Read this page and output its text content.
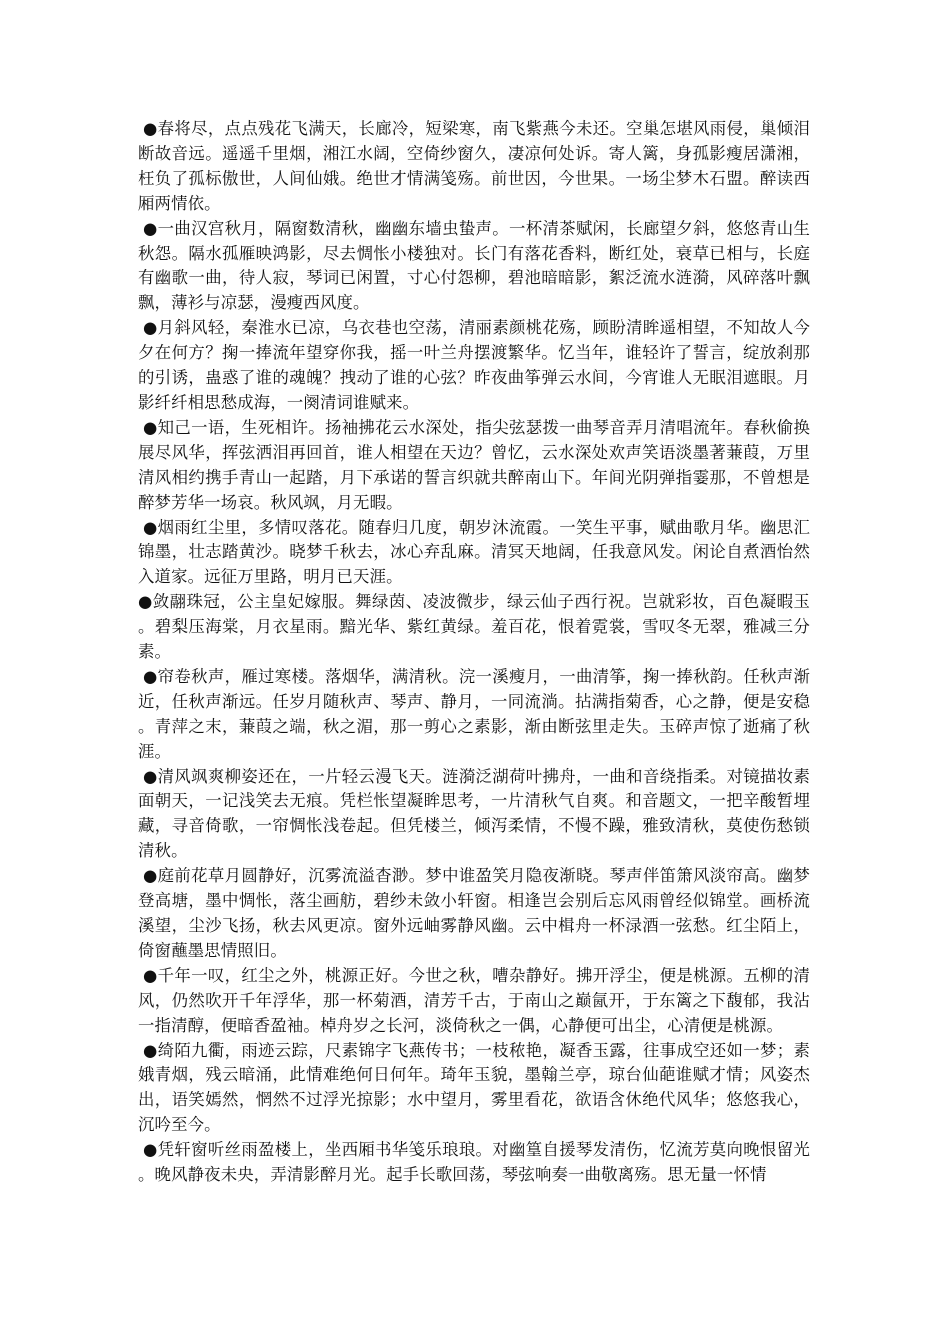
●春将尽，点点残花飞满天，长廊冷，短梁寒，南飞紫燕今未还。空巢怎堪风雨侵，巢倾泪断故音远。遥遥千里烟，湘江水阔，空倚纱窗久，凄凉何处诉。寄人篱，身孤影瘦居潇湘，枉负了孤标傲世，人间仙娥。绝世才情满笺殇。前世因，今世果。一场尘梦木石盟。醉读西厢两情依。

●一曲汉宫秋月，隔窗数清秋，幽幽东墙虫蛰声。一杯清茶赋闲，长廊望夕斜，悠悠青山生秋怨。隔水孤雁映鸿影，尽去惆怅小楼独对。长门有落花香料，断红处，衰草已相与，长庭有幽歌一曲，待人寂，琴词已闲置，寸心付怨柳，碧池暗暗影，絮泛流水涟漪，风碎落叶飘飘，薄衫与凉瑟，漫瘦西风度。

●月斜风轻，秦淮水已凉，乌衣巷也空荡，清丽素颜桃花殇，顾盼清眸遥相望，不知故人今夕在何方？掬一捧流年望穿你我，摇一叶兰舟摆渡繁华。忆当年，谁轻许了誓言，绽放刹那的引诱，蛊惑了谁的魂魄？拽动了谁的心弦？昨夜曲筝弹云水间，今宵谁人无眠泪遮眼。月影纤纤相思愁成海，一阕清词谁赋来。

●知己一语，生死相许。扬袖拂花云水深处，指尖弦瑟拨一曲琴音弄月清唱流年。春秋偷换展尽风华，挥弦洒泪再回首，谁人相望在天边？曾忆，云水深处欢声笑语淡墨著蒹葭，万里清风相约携手青山一起踏，月下承诺的誓言织就共醉南山下。年间光阴弹指霎那，不曾想是醉梦芳华一场哀。秋风飒，月无暇。

●烟雨红尘里，多情叹落花。随春归几度，朝岁沐流霞。一笑生平事，赋曲歌月华。幽思汇锦墨，壮志踏黄沙。晓梦千秋去，冰心弃乱麻。清冥天地阔，任我意风发。闲论自煮酒怡然入道家。远征万里路，明月已天涯。

●敛翮珠冠，公主皇妃嫁服。舞绿茵、凌波微步，绿云仙子西行祝。岂就彩妆，百色凝暇玉。碧梨压海棠，月衣星雨。黯光华、紫红黄绿。羞百花，恨着霓裳，雪叹冬无翠，雅减三分素。

●帘卷秋声，雁过寒楼。落烟华，满清秋。浣一溪瘦月，一曲清筝，掬一捧秋韵。任秋声渐近，任秋声渐远。任岁月随秋声、琴声、静月，一同流淌。拈满指菊香，心之静，便是安稳。青萍之末，蒹葭之端，秋之湄，那一剪心之素影，渐由断弦里走失。玉碎声惊了逝痛了秋涯。

●清风飒爽柳姿还在，一片轻云漫飞天。涟漪泛湖荷叶拂舟，一曲和音绕指柔。对镜描妆素面朝天，一记浅笑去无痕。凭栏怅望凝眸思考，一片清秋气自爽。和音题文，一把辛酸暂埋藏，寻音倚歌，一帘惆怅浅卷起。但凭楼兰，倾泻柔情，不慢不躁，雅致清秋，莫使伤愁锁清秋。

●庭前花草月圆静好，沉雾流溢杳渺。梦中谁盈笑月隐夜渐晓。琴声伴笛箫风淡帘高。幽梦登高塘，墨中惆怅，落尘画舫，碧纱未敛小轩窗。相逢岂会别后忘风雨曾经似锦堂。画桥流溪望，尘沙飞扬，秋去风更凉。窗外远岫雾静风幽。云中楫舟一杯渌酒一弦愁。红尘陌上，倚窗蘸墨思情照旧。

●千年一叹，红尘之外，桃源正好。今世之秋，嘈杂静好。拂开浮尘，便是桃源。五柳的清风，仍然吹开千年浮华，那一杯菊酒，清芳千古，于南山之巅氤开，于东篱之下馥郁，我沾一指清醇，便暗香盈袖。棹舟岁之长河，淡倚秋之一偶，心静便可出尘，心清便是桃源。

●绮陌九衢，雨迹云踪，尺素锦字飞燕传书；一枝秾艳，凝香玉露，往事成空还如一梦；素娥青烟，残云暗涌，此情难绝何日何年。琦年玉貌，墨翰兰亭，琼台仙葩谁赋才情；风姿杰出，语笑嫣然，惘然不过浮光掠影；水中望月，雾里看花，欲语含休绝代风华；悠悠我心，沉吟至今。

●凭轩窗听丝雨盈楼上，坐西厢书华笺乐琅琅。对幽篁自援琴发清伤，忆流芳莫向晚恨留光。晚风静夜未央，弄清影醉月光。起手长歌回荡，琴弦响奏一曲敬离殇。思无量一怀情
